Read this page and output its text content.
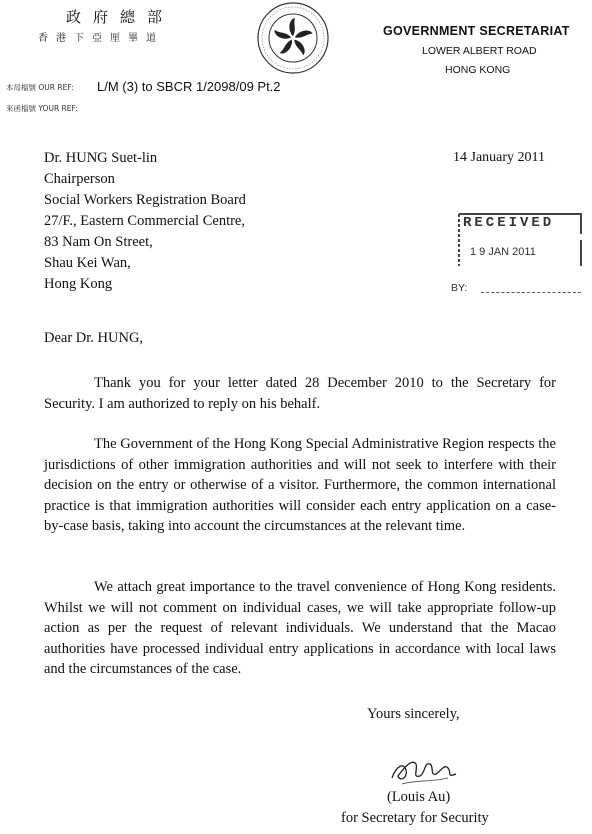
政府總部
香港下亞厘畢道
GOVERNMENT SECRETARIAT
LOWER ALBERT ROAD
HONG KONG
本局檔號 OUR REF: L/M (3) to SBCR 1/2098/09 Pt.2
來函檔號 YOUR REF:
Dr. HUNG Suet-lin
Chairperson
Social Workers Registration Board
27/F., Eastern Commercial Centre,
83 Nam On Street,
Shau Kei Wan,
Hong Kong
14 January 2011
RECEIVED
1 9 JAN 2011
BY:
Dear Dr. HUNG,
Thank you for your letter dated 28 December 2010 to the Secretary for Security. I am authorized to reply on his behalf.
The Government of the Hong Kong Special Administrative Region respects the jurisdictions of other immigration authorities and will not seek to interfere with their decision on the entry or otherwise of a visitor. Furthermore, the common international practice is that immigration authorities will consider each entry application on a case-by-case basis, taking into account the circumstances at the relevant time.
We attach great importance to the travel convenience of Hong Kong residents. Whilst we will not comment on individual cases, we will take appropriate follow-up action as per the request of relevant individuals. We understand that the Macao authorities have processed individual entry applications in accordance with local laws and the circumstances of the case.
Yours sincerely,
(Louis Au)
for Secretary for Security
